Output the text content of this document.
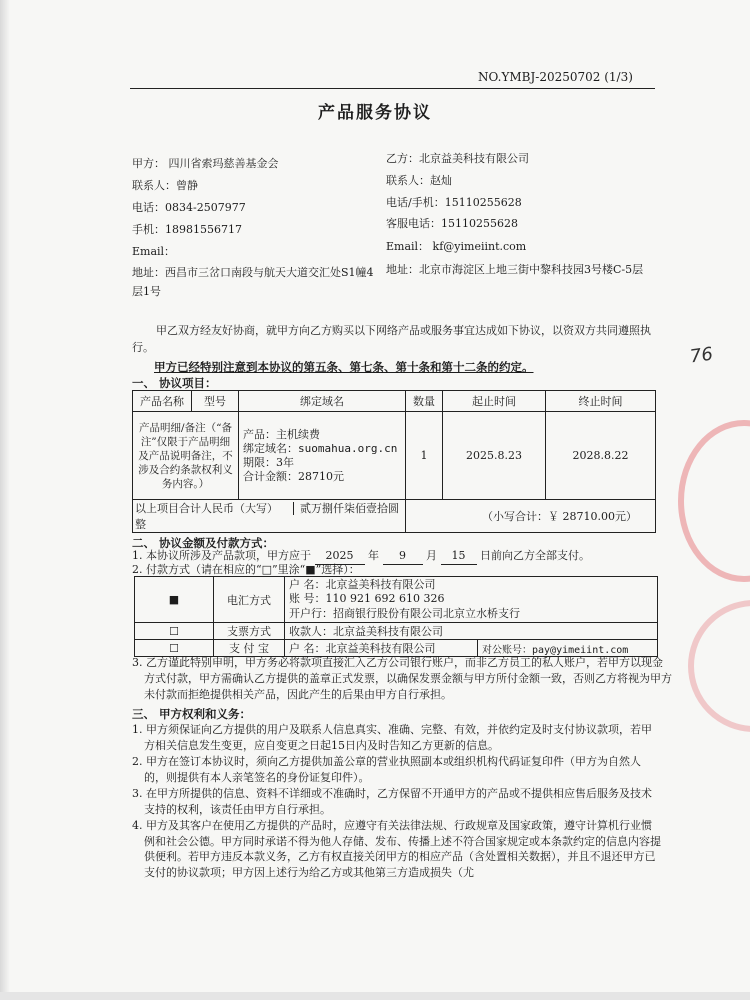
76
NO.YMBJ-20250702 (1/3)
产品服务协议
甲方： 四川省索玛慈善基金会
联系人：曾静
电话：0834-2507977
手机：18981556717
Email：
地址：西昌市三岔口南段与航天大道交汇处S1幢4层1号
乙方：北京益美科技有限公司
联系人：赵灿
电话/手机：15110255628
客服电话：15110255628
Email： kf@yimeiint.com
地址：北京市海淀区上地三街中黎科技园3号楼C-5层
甲乙双方经友好协商，就甲方向乙方购买以下网络产品或服务事宜达成如下协议，以资双方共同遵照执行。
甲方已经特别注意到本协议的第五条、第七条、第十条和第十二条的约定。
一、 协议项目：
产品名称	型号	绑定域名	数量	起止时间	终止时间
产品明细/备注（“备注”仅限于产品明细及产品说明备注，不涉及合约条款权利义务内容。）		产品：主机续费
绑定域名：suomahua.org.cn
期限：3年
合计金额：28710元	1	2025.8.23	2028.8.22
以上项目合计人民币（大写） 贰万捌仟柒佰壹拾圆整			（小写合计：￥ 28710.00元）		
二、 协议金额及付款方式：
1. 本协议所涉及产品款项，甲方应于 2025 年 9 月 15 日前向乙方全部支付。
2. 付款方式（请在相应的“□”里涂“■”选择）：
■	电汇方式	户 名：北京益美科技有限公司
账 号：110 921 692 610 326
开户行：招商银行股份有限公司北京立水桥支行	

☐	支票方式	收款人：北京益美科技有限公司	
☐	支 付 宝	户 名：北京益美科技有限公司	对公账号：pay@yimeiint.com
3. 乙方谨此特别申明，甲方务必将款项直接汇入乙方公司银行账户，而非乙方员工的私人账户，若甲方以现金方式付款，甲方需确认乙方提供的盖章正式发票，以确保发票金额与甲方所付金额一致，否则乙方将视为甲方未付款而拒绝提供相关产品，因此产生的后果由甲方自行承担。
三、 甲方权利和义务：
1. 甲方须保证向乙方提供的用户及联系人信息真实、准确、完整、有效，并依约定及时支付协议款项，若甲方相关信息发生变更，应自变更之日起15日内及时告知乙方更新的信息。
2. 甲方在签订本协议时，须向乙方提供加盖公章的营业执照副本或组织机构代码证复印件（甲方为自然人的，则提供有本人亲笔签名的身份证复印件）。
3. 在甲方所提供的信息、资料不详细或不准确时，乙方保留不开通甲方的产品或不提供相应售后服务及技术支持的权利，该责任由甲方自行承担。
4. 甲方及其客户在使用乙方提供的产品时，应遵守有关法律法规、行政规章及国家政策，遵守计算机行业惯例和社会公德。甲方同时承诺不得为他人存储、发布、传播上述不符合国家规定或本条款约定的信息内容提供便利。若甲方违反本款义务，乙方有权直接关闭甲方的相应产品（含处置相关数据），并且不退还甲方已支付的协议款项；甲方因上述行为给乙方或其他第三方造成损失（尤
